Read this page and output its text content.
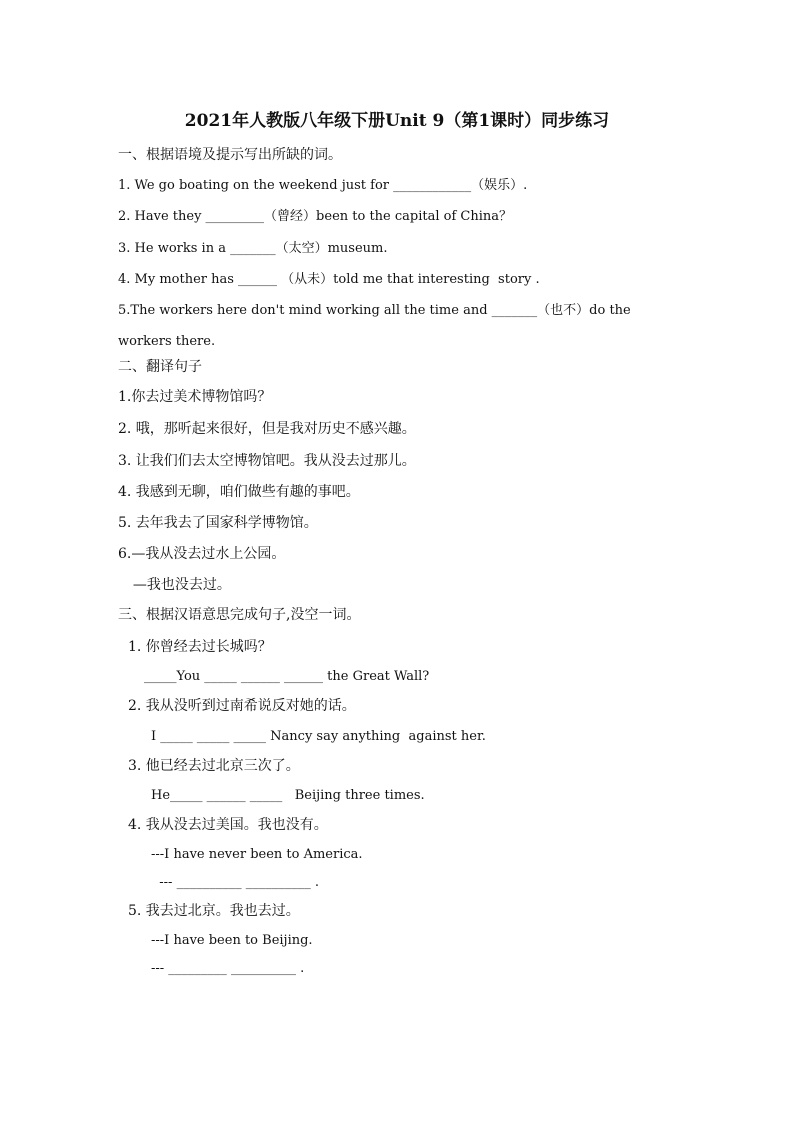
2021年人教版八年级下册Unit 9（第1课时）同步练习
一、根据语境及提示写出所缺的词。
1. We go boating on the weekend just for ____________（娱乐）.
2. Have they _________（曾经）been to the capital of China？
3. He works in a _______（太空）museum.
4. My mother has ______ （从未）told me that interesting  story .
5.The workers here don't mind working all the time and _______（也不）do the
workers there.
二、翻译句子
1.你去过美术博物馆吗？
2. 哦，那听起来很好，但是我对历史不感兴趣。
3. 让我们们去太空博物馆吧。我从没去过那儿。
4. 我感到无聊，咱们做些有趣的事吧。
5. 去年我去了国家科学博物馆。
6.—我从没去过水上公园。
—我也没去过。
三、根据汉语意思完成句子,没空一词。
1. 你曾经去过长城吗？
_____You _____ ______ ______ the Great Wall?
2. 我从没听到过南希说反对她的话。
I _____ _____ _____ Nancy say anything  against her.
3. 他已经去过北京三次了。
He_____ ______ _____   Beijing three times.
4. 我从没去过美国。我也没有。
---I have never been to America.
--- __________ __________ .
5. 我去过北京。我也去过。
---I have been to Beijing.
--- _________ __________ .
